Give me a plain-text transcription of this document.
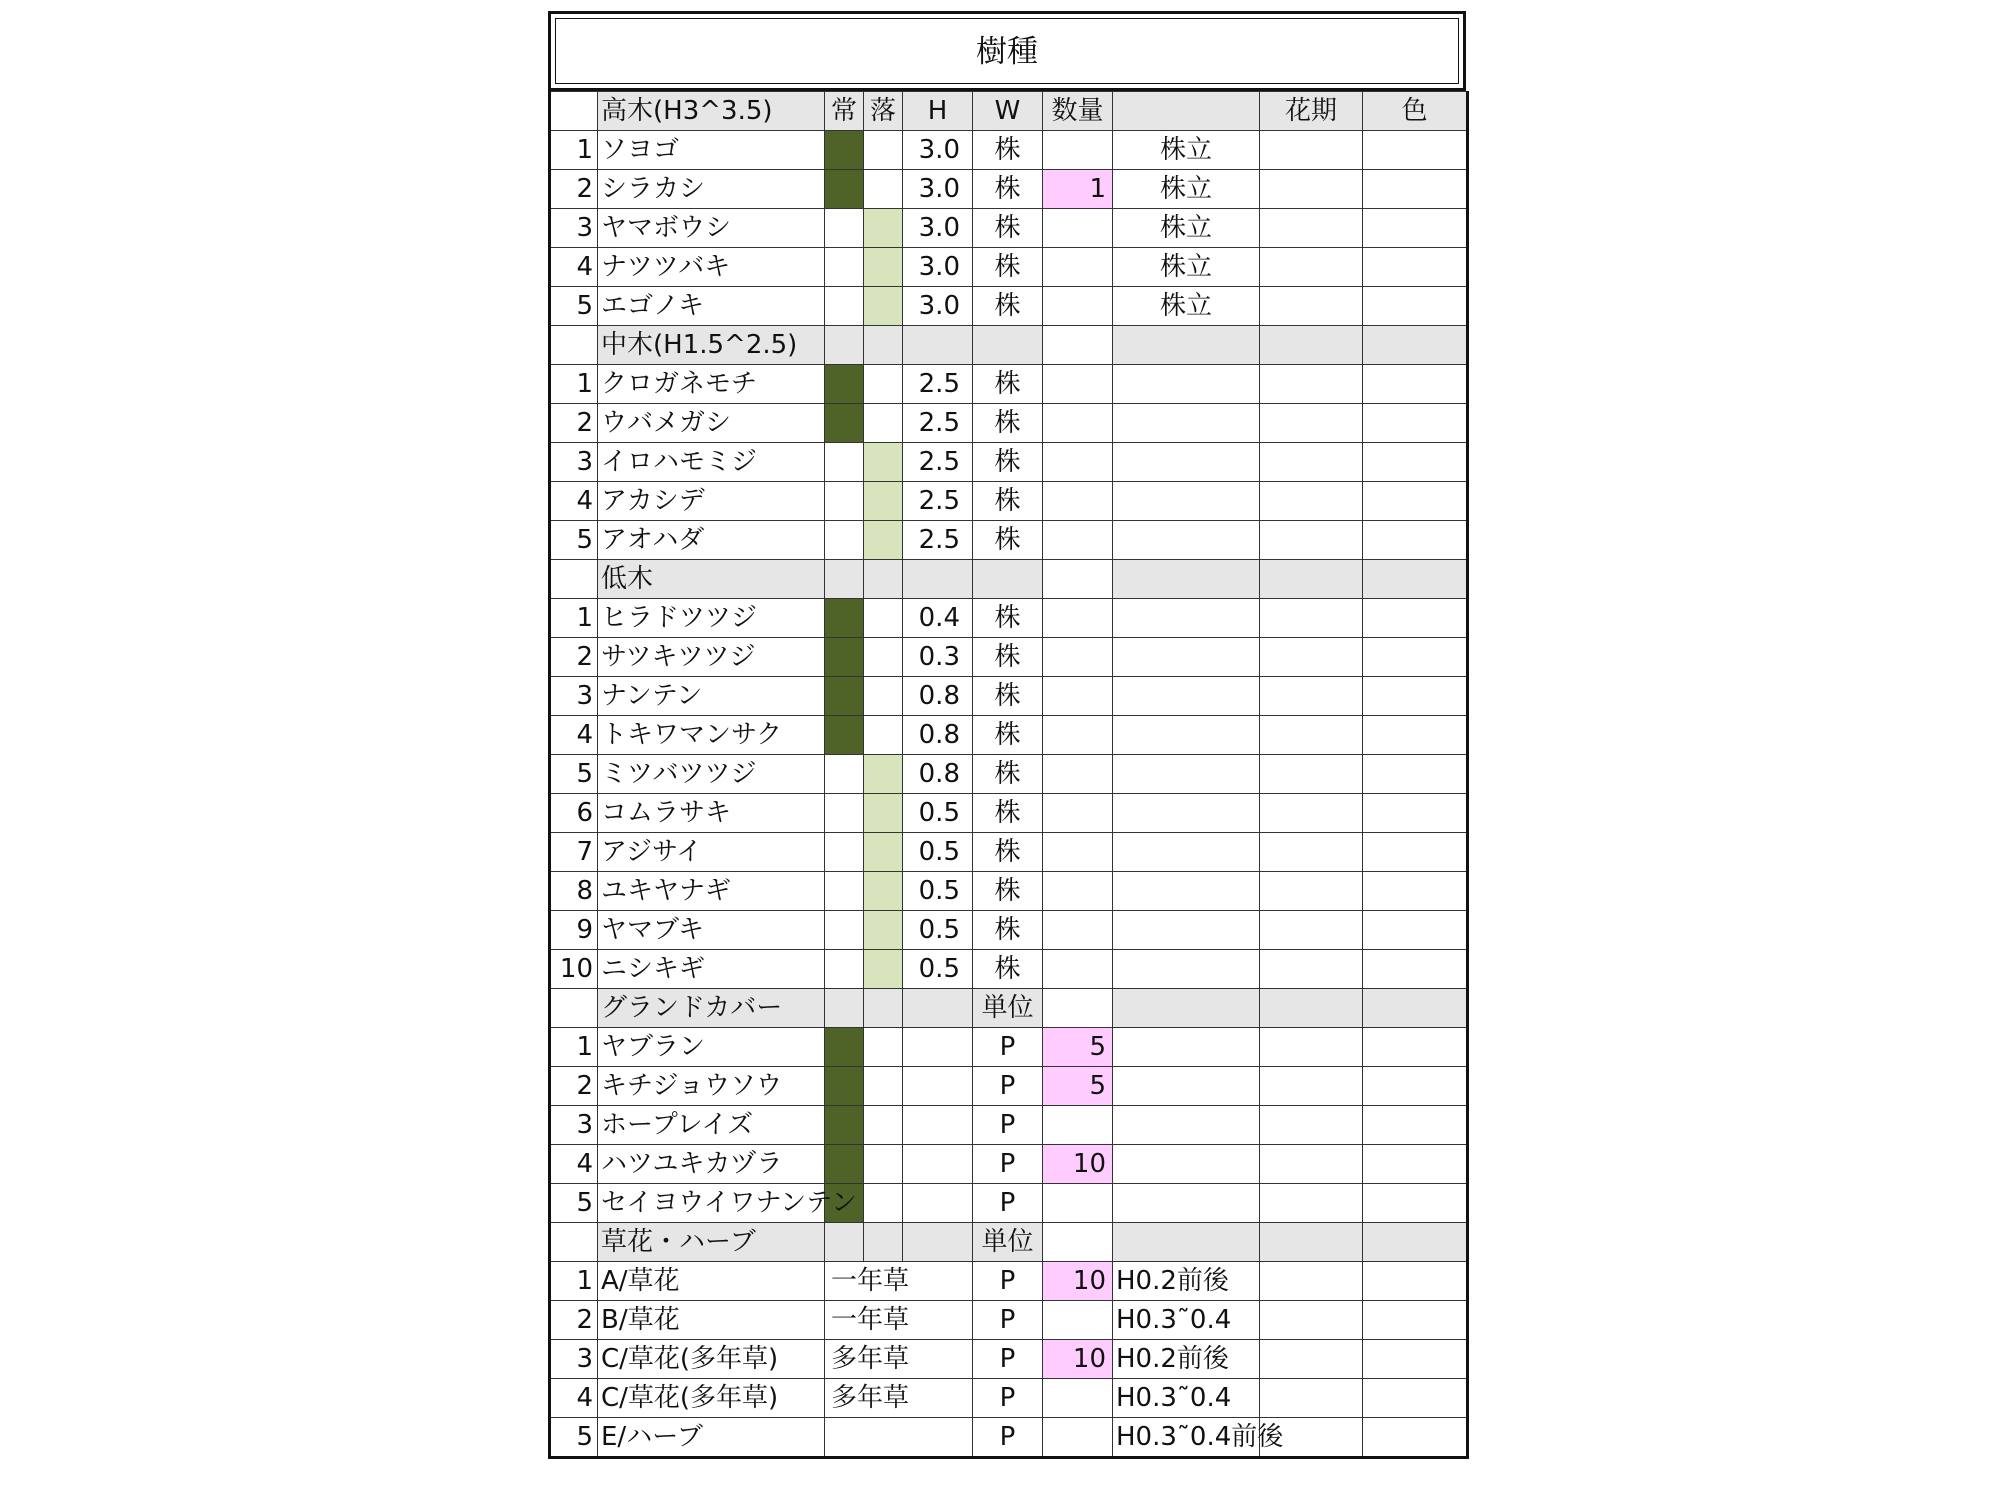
樹種
	高木(H3^3.5)	常	落	H	W	数量		花期	色
1	ソヨゴ			3.0	株		株立		
2	シラカシ			3.0	株	1	株立		
3	ヤマボウシ			3.0	株		株立		
4	ナツツバキ			3.0	株		株立		
5	エゴノキ			3.0	株		株立		
	中木(H1.5^2.5)								
1	クロガネモチ			2.5	株				
2	ウバメガシ			2.5	株				
3	イロハモミジ			2.5	株				
4	アカシデ			2.5	株				
5	アオハダ			2.5	株				
	低木								
1	ヒラドツツジ			0.4	株				
2	サツキツツジ			0.3	株				
3	ナンテン			0.8	株				
4	トキワマンサク			0.8	株				
5	ミツバツツジ			0.8	株				
6	コムラサキ			0.5	株				
7	アジサイ			0.5	株				
8	ユキヤナギ			0.5	株				
9	ヤマブキ			0.5	株				
10	ニシキギ			0.5	株				
	グランドカバー				単位				
1	ヤブラン				P	5			
2	キチジョウソウ				P	5			
3	ホープレイズ				P				
4	ハツユキカヅラ				P	10			
5	セイヨウイワナンテン				P				
	草花・ハーブ				単位				
1	A/草花	一年草			P	10	H0.2前後		
2	B/草花	一年草			P		H0.3˜0.4		
3	C/草花(多年草)	多年草			P	10	H0.2前後		
4	C/草花(多年草)	多年草			P		H0.3˜0.4		
5	E/ハーブ				P		H0.3˜0.4前後		
